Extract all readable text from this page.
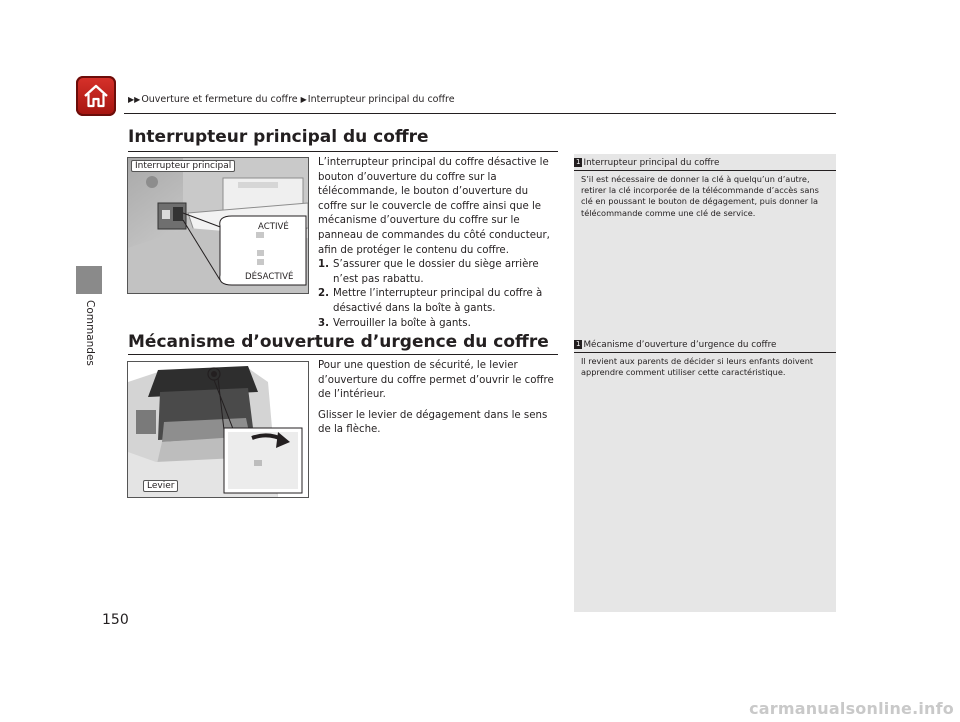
▶▶Ouverture et fermeture du coffre ▶Interrupteur principal du coffre
Commandes
Interrupteur principal du coffre
Interrupteur principal
ACTIVÉ
DÉSACTIVÉ
L’interrupteur principal du coffre désactive le bouton d’ouverture du coffre sur la télécommande, le bouton d’ouverture du coffre sur le couvercle de coffre ainsi que le mécanisme d’ouverture du coffre sur le panneau de commandes du côté conducteur, afin de protéger le contenu du coffre.
1. S’assurer que le dossier du siège arrière n’est pas rabattu.
2. Mettre l’interrupteur principal du coffre à désactivé dans la boîte à gants.
3. Verrouiller la boîte à gants.
Mécanisme d’ouverture d’urgence du coffre
Levier
Pour une question de sécurité, le levier d’ouverture du coffre permet d’ouvrir le coffre de l’intérieur.
Glisser le levier de dégagement dans le sens de la flèche.
1 Interrupteur principal du coffre
S’il est nécessaire de donner la clé à quelqu’un d’autre, retirer la clé incorporée de la télécommande d’accès sans clé en poussant le bouton de dégagement, puis donner la télécommande comme une clé de service.
1 Mécanisme d’ouverture d’urgence du coffre
Il revient aux parents de décider si leurs enfants doivent apprendre comment utiliser cette caractéristique.
150
carmanualsonline.info
